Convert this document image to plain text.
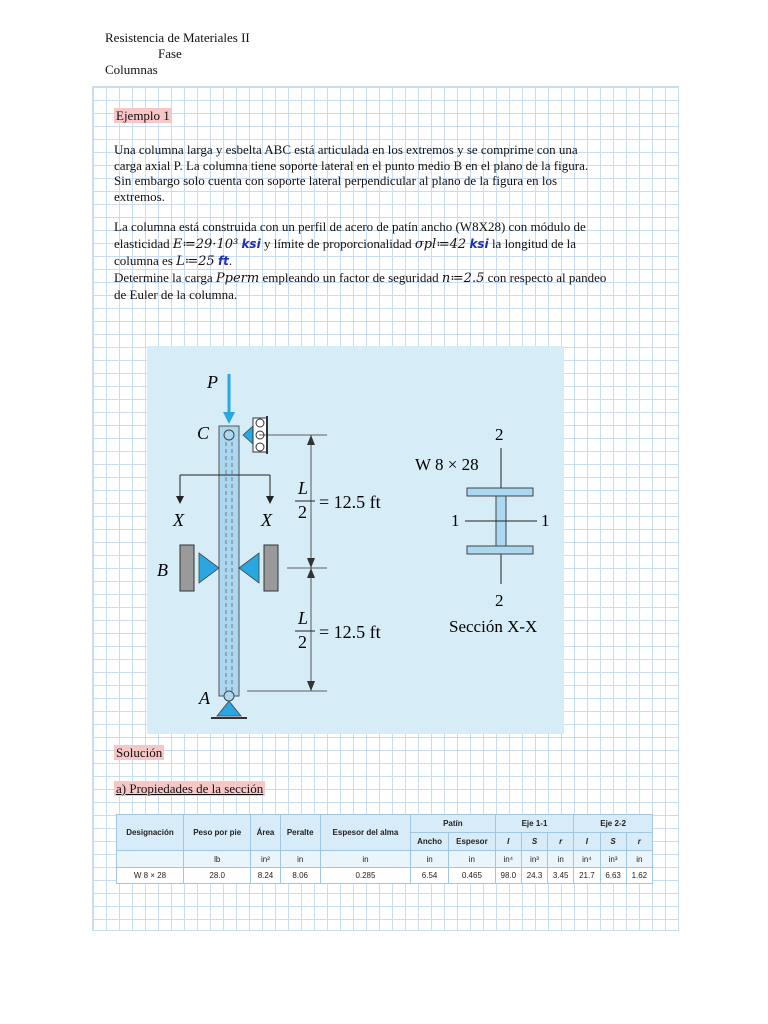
Resistencia de Materiales II
Fase
Columnas
Ejemplo 1
Una columna larga y esbelta ABC está articulada en los extremos y se comprime con una
carga axial P. La columna tiene soporte lateral en el punto medio B en el plano de la figura.
Sin embargo solo cuenta con soporte lateral perpendicular al plano de la figura en los
extremos.
La columna está construida con un perfil de acero de patín ancho (W8X28) con módulo de
elasticidad E≔29·10³ ksi y límite de proporcionalidad σpl≔42 ksi la longitud de la
columna es L≔25 ft.
Determine la carga Pperm empleando un factor de seguridad n≔2.5 con respecto al pandeo
de Euler de la columna.
P
C
B
A
X	X
L
2 = 12.5 ft
L
2 = 12.5 ft
2
W 8 × 28
1	1
2
Sección X-X
Solución
a) Propiedades de la sección
Designación	Peso por pie	Área	Peralte	Espesor del alma	Patín		Eje 1-1			Eje 2-2		
					Ancho	Espesor	I	S	r	I	S	r
	lb	in²	in	in	in	in	in⁴	in³	in	in⁴	in³	in
W 8 × 28	28.0	8.24	8.06	0.285	6.54	0.465	98.0	24.3	3.45	21.7	6.63	1.62
